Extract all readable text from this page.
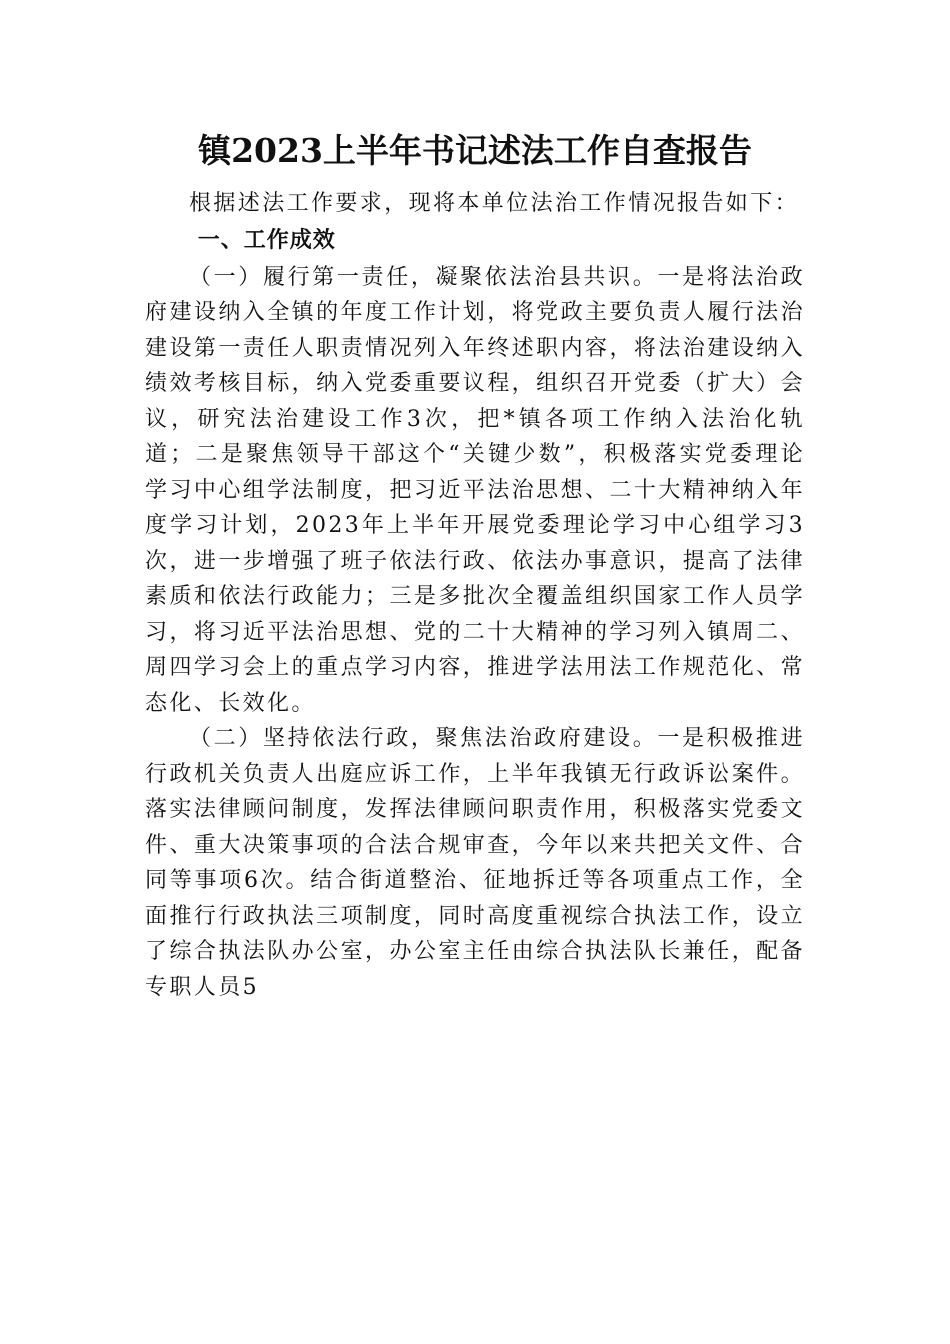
镇2023上半年书记述法工作自查报告

根据述法工作要求，现将本单位法治工作情况报告如下：

一、工作成效

（一）履行第一责任，凝聚依法治县共识。一是将法治政府建设纳入全镇的年度工作计划，将党政主要负责人履行法治建设第一责任人职责情况列入年终述职内容，将法治建设纳入绩效考核目标，纳入党委重要议程，组织召开党委（扩大）会议，研究法治建设工作3次，把*镇各项工作纳入法治化轨道；二是聚焦领导干部这个“关键少数”，积极落实党委理论学习中心组学法制度，把习近平法治思想、二十大精神纳入年度学习计划，2023年上半年开展党委理论学习中心组学习3次，进一步增强了班子依法行政、依法办事意识，提高了法律素质和依法行政能力；三是多批次全覆盖组织国家工作人员学习，将习近平法治思想、党的二十大精神的学习列入镇周二、周四学习会上的重点学习内容，推进学法用法工作规范化、常态化、长效化。

（二）坚持依法行政，聚焦法治政府建设。一是积极推进行政机关负责人出庭应诉工作，上半年我镇无行政诉讼案件。落实法律顾问制度，发挥法律顾问职责作用，积极落实党委文件、重大决策事项的合法合规审查，今年以来共把关文件、合同等事项6次。结合街道整治、征地拆迁等各项重点工作，全面推行行政执法三项制度，同时高度重视综合执法工作，设立了综合执法队办公室，办公室主任由综合执法队长兼任，配备专职人员5
